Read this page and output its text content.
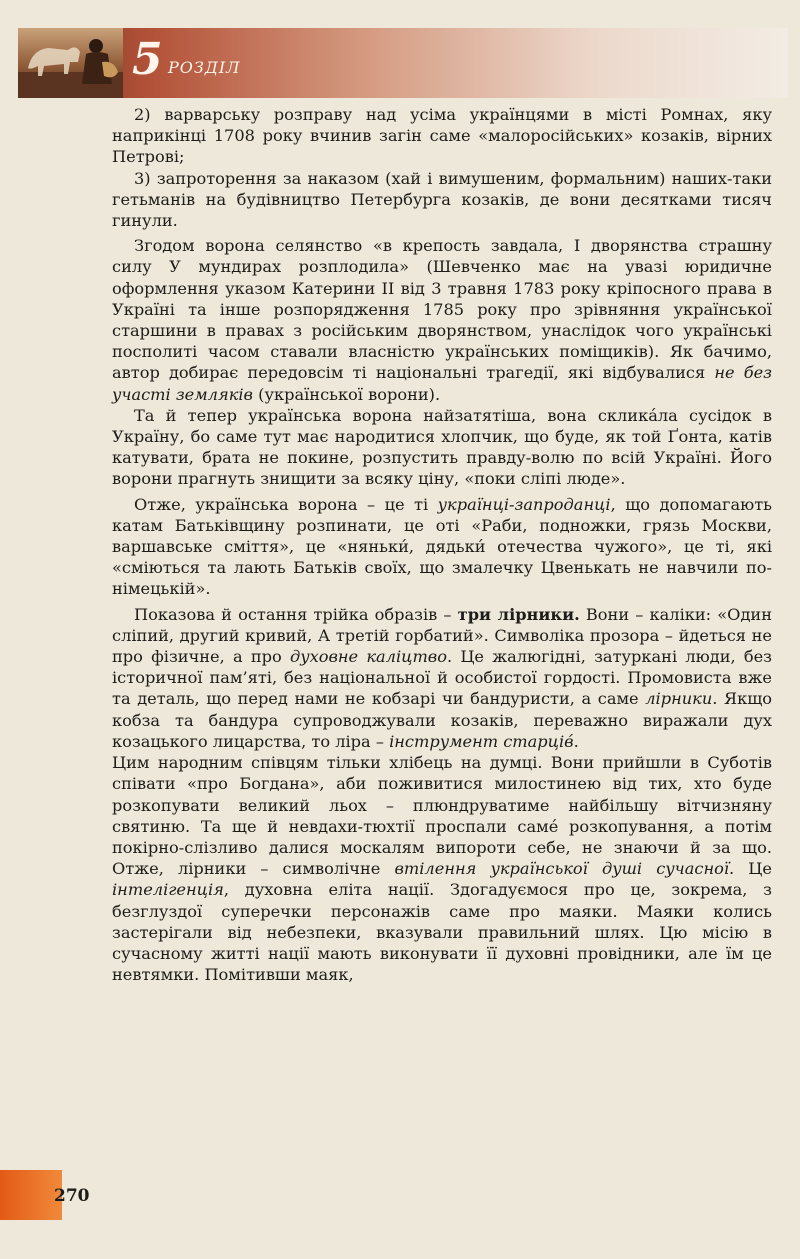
5 РОЗДІЛ

2) варварську розправу над усіма українцями в місті Ромнах, яку наприкінці 1708 року вчинив загін саме «малоросійських» козаків, вірних Петрові;

3) запроторення за наказом (хай і вимушеним, формальним) наших-таки гетьманів на будівництво Петербурга козаків, де вони десятками тисяч гинули.

Згодом ворона селянство «в крепость завдала, І дворянства страшну силу У мундирах розплодила» (Шевченко має на увазі юридичне оформлення указом Катерини II від 3 травня 1783 року кріпосного права в Україні та інше розпорядження 1785 року про зрівняння української старшини в правах з російським дворянством, унаслідок чого українські посполиті часом ставали власністю українських поміщиків). Як бачимо, автор добирає передовсім ті національні трагедії, які відбувалися не без участі земляків (української ворони).

Та й тепер українська ворона найзатятіша, вона склика́ла сусідок в Україну, бо саме тут має народитися хлопчик, що буде, як той Ґонта, катів катувати, брата не покине, розпустить правду-волю по всій Україні. Його ворони прагнуть знищити за всяку ціну, «поки сліпі люде».

Отже, українська ворона – це ті українці-запроданці, що допомагають катам Батьківщину розпинати, це оті «Раби, подножки, грязь Москви, варшавське сміття», це «няньки́, дядьки́ отечества чужого», це ті, які «сміються та лають Батьків своїх, що змалечку Цвенькать не навчили по-німецькій».

Показова й остання трійка образів – три лірники. Вони – каліки: «Один сліпий, другий кривий, А третій горбатий». Символіка прозора – йдеться не про фізичне, а про духовне каліцтво. Це жалюгідні, затуркані люди, без історичної пам’яті, без національної й особистої гордості. Промовиста вже та деталь, що перед нами не кобзарі чи бандуристи, а саме лірники. Якщо кобза та бандура супроводжували козаків, переважно виражали дух козацького лицарства, то ліра – інструмент старців́.

Цим народним співцям тільки хлібець на думці. Вони прийшли в Суботів співати «про Богдана», аби поживитися милостинею від тих, хто буде розкопувати великий льох – плюндруватиме найбільшу вітчизняну святиню. Та ще й невдахи-тюхтії проспали саме́ розкопування, а потім покірно-слізливо далися москалям випороти себе, не знаючи й за що. Отже, лірники – символічне втілення української душі сучасної. Це інтелігенція, духовна еліта нації. Здогадуємося про це, зокрема, з безглуздої суперечки персонажів саме про маяки. Маяки колись застерігали від небезпеки, вказували правильний шлях. Цю місію в сучасному житті нації мають виконувати її духовні провідники, але їм це невтямки. Помітивши маяк,

270
